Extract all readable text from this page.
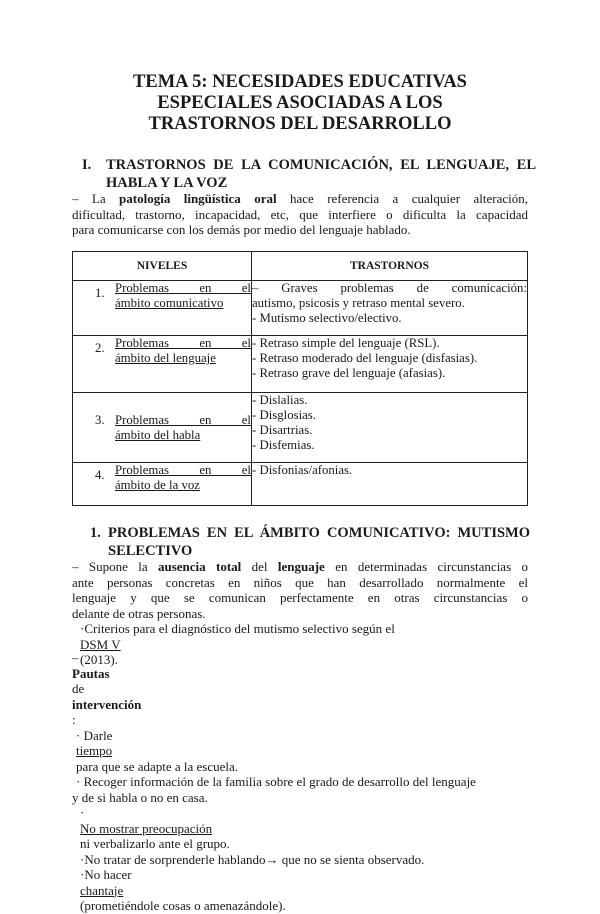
TEMA 5: NECESIDADES EDUCATIVAS
ESPECIALES ASOCIADAS A LOS
TRASTORNOS DEL DESARROLLO
I. TRASTORNOS DE LA COMUNICACIÓN, EL LENGUAJE, EL
HABLA Y LA VOZ
– La patología lingüística oral hace referencia a cualquier alteración,
dificultad, trastorno, incapacidad, etc, que interfiere o dificulta la capacidad
para comunicarse con los demás por medio del lenguaje hablado.
NIVELES	TRASTORNOS

1. Problemas en el
ámbito comunicativo	– Graves problemas de comunicación:
autismo, psicosis y retraso mental severo.
- Mutismo selectivo/electivo.

2. Problemas en el
ámbito del lenguaje	- Retraso simple del lenguaje (RSL).
- Retraso moderado del lenguaje (disfasias).
- Retraso grave del lenguaje (afasias).

3. Problemas en el
ámbito del habla	- Dislalias.
- Disglosias.
- Disartrias.
- Disfemias.

4. Problemas en el
ámbito de la voz	- Disfonias/afonias.
1. PROBLEMAS EN EL ÁMBITO COMUNICATIVO: MUTISMO
SELECTIVO
– Supone la ausencia total del lenguaje en determinadas circunstancias o
ante personas concretas en niños que han desarrollado normalmente el
lenguaje y que se comunican perfectamente en otras circunstancias o
delante de otras personas.
·Criterios para el diagnóstico del mutismo selectivo según el
DSM V
(2013).
–
Pautas
de
intervención
:
· Darle
tiempo
para que se adapte a la escuela.
· Recoger información de la familia sobre el grado de desarrollo del lenguaje
y de si habla o no en casa.
·
No mostrar preocupación
ni verbalizarlo ante el grupo.
·No tratar de sorprenderle hablando→ que no se sienta observado.
·No hacer
chantaje
(prometiéndole cosas o amenazándole).
